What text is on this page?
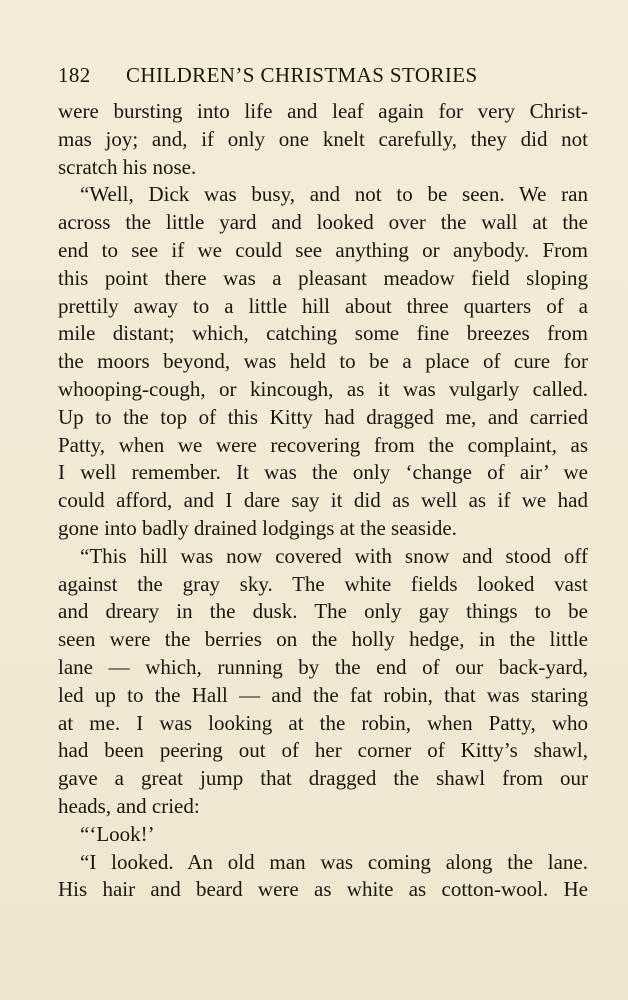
182 CHILDREN’S CHRISTMAS STORIES
were bursting into life and leaf again for very Christ-
mas joy; and, if only one knelt carefully, they did not
scratch his nose.
“Well, Dick was busy, and not to be seen. We ran
across the little yard and looked over the wall at the
end to see if we could see anything or anybody. From
this point there was a pleasant meadow field sloping
prettily away to a little hill about three quarters of a
mile distant; which, catching some fine breezes from
the moors beyond, was held to be a place of cure for
whooping-cough, or kincough, as it was vulgarly called.
Up to the top of this Kitty had dragged me, and carried
Patty, when we were recovering from the complaint, as
I well remember. It was the only ‘change of air’ we
could afford, and I dare say it did as well as if we had
gone into badly drained lodgings at the seaside.
“This hill was now covered with snow and stood off
against the gray sky. The white fields looked vast
and dreary in the dusk. The only gay things to be
seen were the berries on the holly hedge, in the little
lane — which, running by the end of our back-yard,
led up to the Hall — and the fat robin, that was staring
at me. I was looking at the robin, when Patty, who
had been peering out of her corner of Kitty’s shawl,
gave a great jump that dragged the shawl from our
heads, and cried:
“‘Look!’
“I looked. An old man was coming along the lane.
His hair and beard were as white as cotton-wool. He
